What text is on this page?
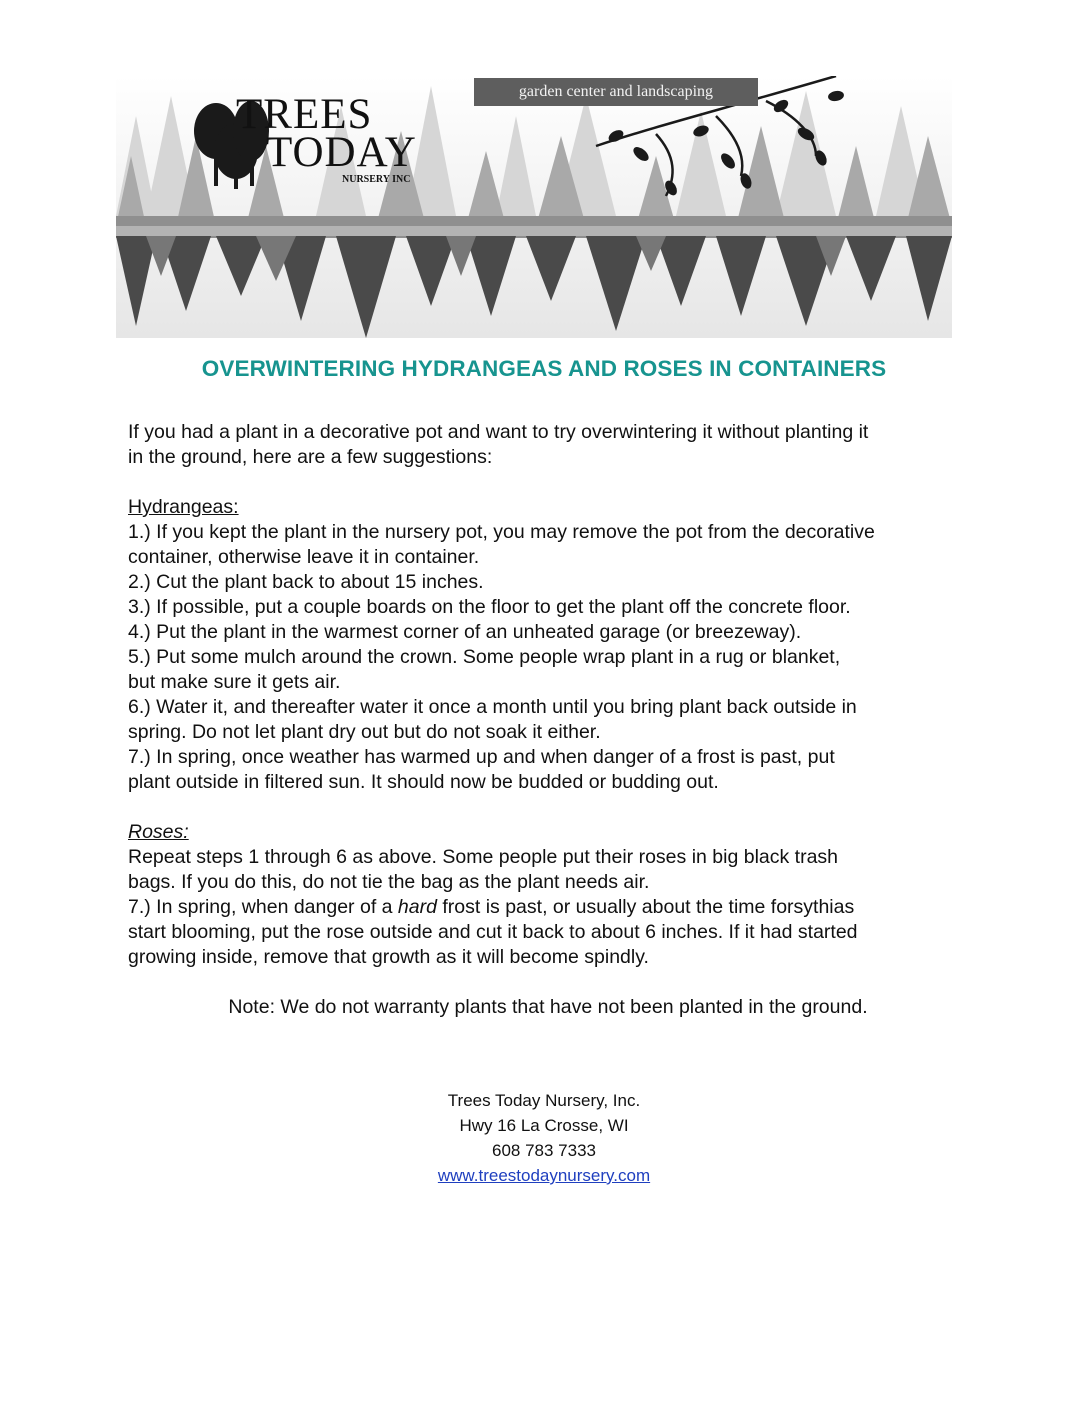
TREES
TODAY
NURSERY INC
garden center and landscaping
OVERWINTERING HYDRANGEAS AND ROSES IN CONTAINERS

If you had a plant in a decorative pot and want to try overwintering it without planting it

in the ground, here are a few suggestions:

Hydrangeas:

1.) If you kept the plant in the nursery pot, you may remove the pot from the decorative

container, otherwise leave it in container.

2.) Cut the plant back to about 15 inches.

3.) If possible, put a couple boards on the floor to get the plant off the concrete floor.

4.) Put the plant in the warmest corner of an unheated garage (or breezeway).

5.) Put some mulch around the crown. Some people wrap plant in a rug or blanket,

but make sure it gets air.

6.) Water it, and thereafter water it once a month until you bring plant back outside in

spring. Do not let plant dry out but do not soak it either.

7.) In spring, once weather has warmed up and when danger of a frost is past, put

plant outside in filtered sun. It should now be budded or budding out.

Roses:

Repeat steps 1 through 6 as above. Some people put their roses in big black trash

bags. If you do this, do not tie the bag as the plant needs air.

7.) In spring, when danger of a hard frost is past, or usually about the time forsythias

start blooming, put the rose outside and cut it back to about 6 inches. If it had started

growing inside, remove that growth as it will become spindly.

Note: We do not warranty plants that have not been planted in the ground.

Trees Today Nursery, Inc.
Hwy 16 La Crosse, WI
608 783 7333
www.treestodaynursery.com
